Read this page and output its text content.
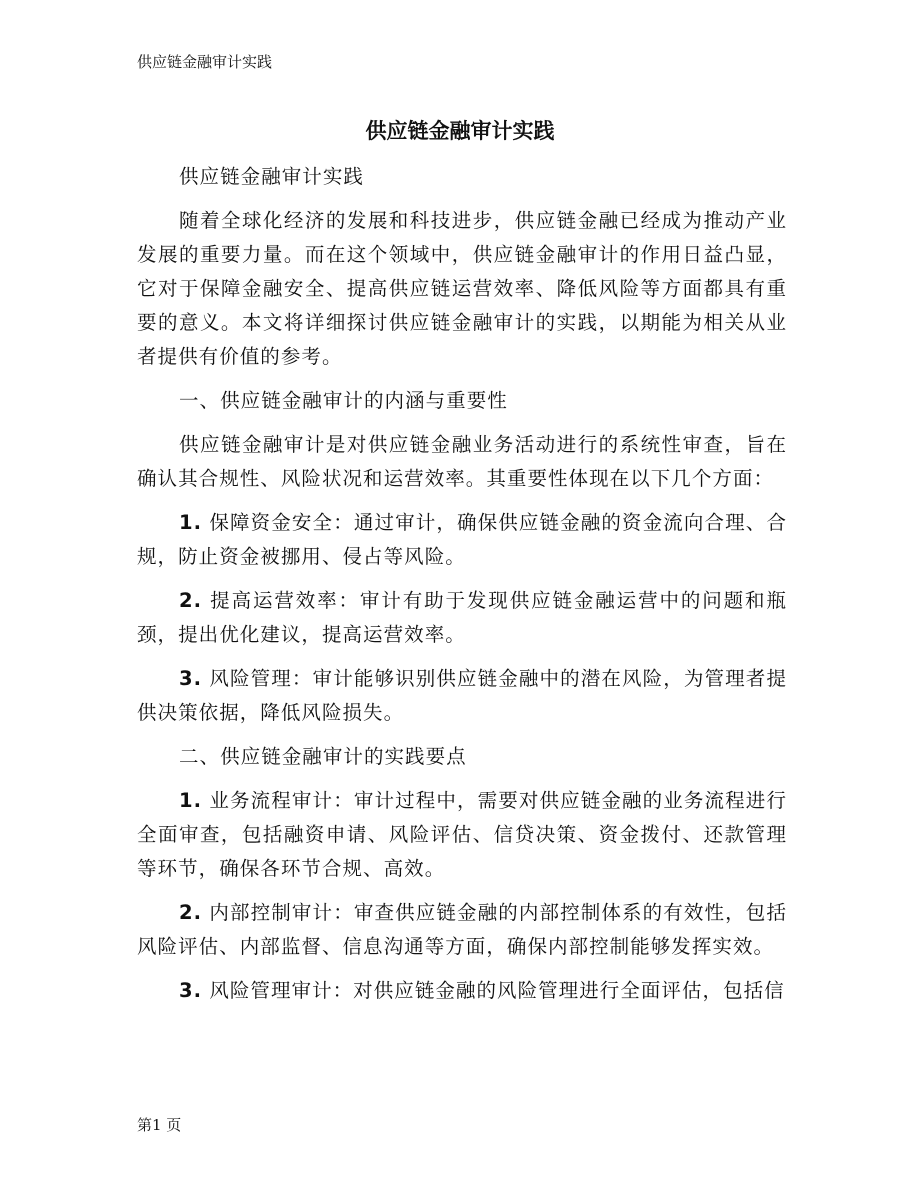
供应链金融审计实践
供应链金融审计实践

供应链金融审计实践

随着全球化经济的发展和科技进步，供应链金融已经成为推动产业发展的重要力量。而在这个领域中，供应链金融审计的作用日益凸显，它对于保障金融安全、提高供应链运营效率、降低风险等方面都具有重要的意义。本文将详细探讨供应链金融审计的实践，以期能为相关从业者提供有价值的参考。

一、供应链金融审计的内涵与重要性

供应链金融审计是对供应链金融业务活动进行的系统性审查，旨在确认其合规性、风险状况和运营效率。其重要性体现在以下几个方面：

1. 保障资金安全：通过审计，确保供应链金融的资金流向合理、合规，防止资金被挪用、侵占等风险。

2. 提高运营效率：审计有助于发现供应链金融运营中的问题和瓶颈，提出优化建议，提高运营效率。

3. 风险管理：审计能够识别供应链金融中的潜在风险，为管理者提供决策依据，降低风险损失。

二、供应链金融审计的实践要点

1. 业务流程审计：审计过程中，需要对供应链金融的业务流程进行全面审查，包括融资申请、风险评估、信贷决策、资金拨付、还款管理等环节，确保各环节合规、高效。

2. 内部控制审计：审查供应链金融的内部控制体系的有效性，包括风险评估、内部监督、信息沟通等方面，确保内部控制能够发挥实效。

3. 风险管理审计：对供应链金融的风险管理进行全面评估，包括信

第1 页
